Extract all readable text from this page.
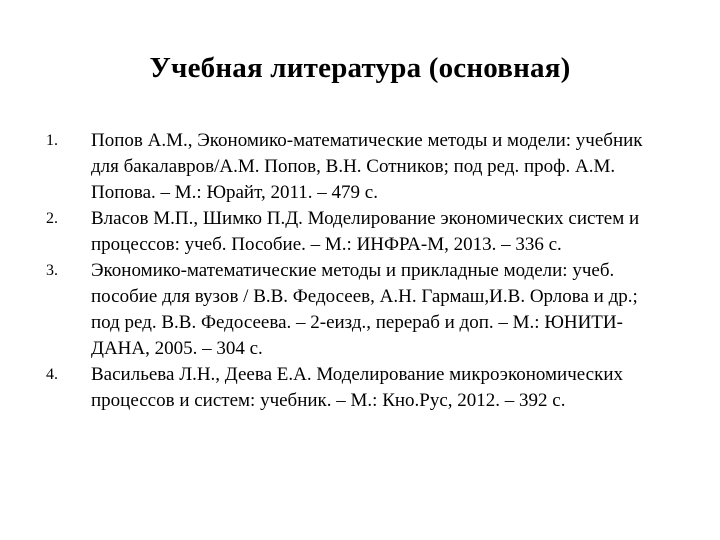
Учебная литература (основная)
1. Попов А.М., Экономико-математические методы и модели: учебник
для бакалавров/А.М. Попов, В.Н. Сотников; под ред. проф. А.М.
Попова. – М.: Юрайт, 2011. – 479 с.
2. Власов М.П., Шимко П.Д. Моделирование экономических систем и
процессов: учеб. Пособие. – М.: ИНФРА-М, 2013. – 336 с.
3. Экономико-математические методы и прикладные модели: учеб.
пособие для вузов / В.В. Федосеев, А.Н. Гармаш,И.В. Орлова и др.;
под ред. В.В. Федосеева. – 2-еизд., перераб и доп. – М.: ЮНИТИ-
ДАНА, 2005. – 304 с.
4. Васильева Л.Н., Деева Е.А. Моделирование микроэкономических
процессов и систем: учебник. – М.: Кно.Рус, 2012. – 392 с.
